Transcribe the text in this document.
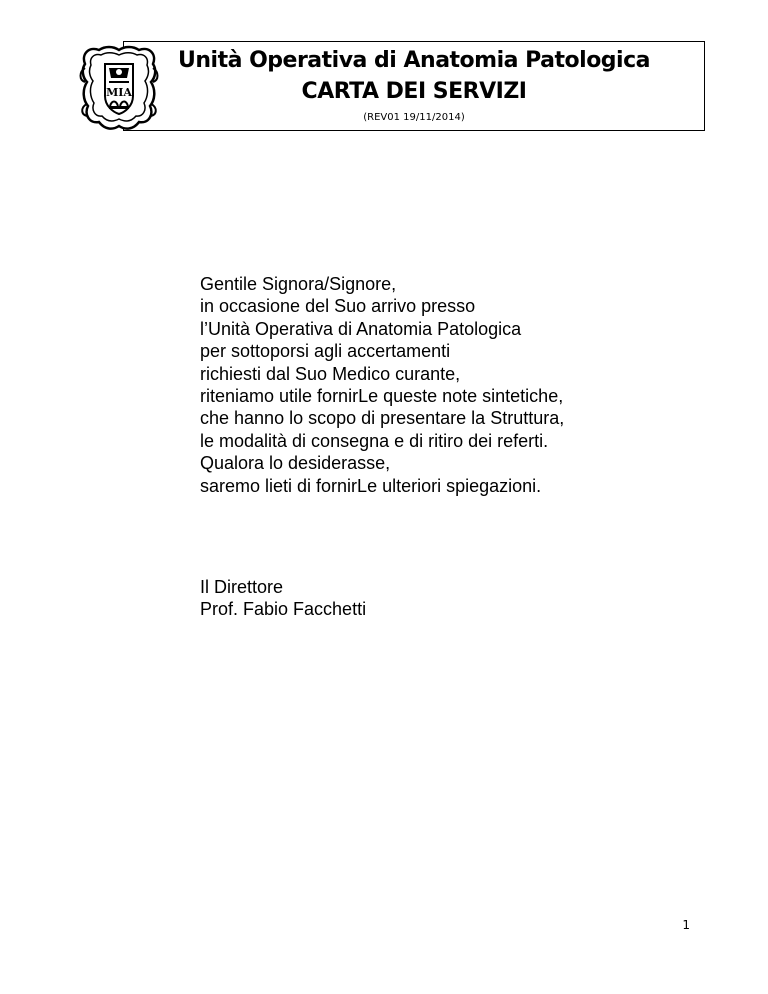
MIA
Unità Operativa di Anatomia Patologica
CARTA DEI SERVIZI
(REV01 19/11/2014)
Gentile Signora/Signore,
in occasione del Suo arrivo presso
l’Unità Operativa di Anatomia Patologica
per sottoporsi agli accertamenti
richiesti dal Suo Medico curante,
riteniamo utile fornirLe queste note sintetiche,
che hanno lo scopo di presentare la Struttura,
le modalità di consegna e di ritiro dei referti.
Qualora lo desiderasse,
saremo lieti di fornirLe ulteriori spiegazioni.
Il Direttore
Prof. Fabio Facchetti
1
